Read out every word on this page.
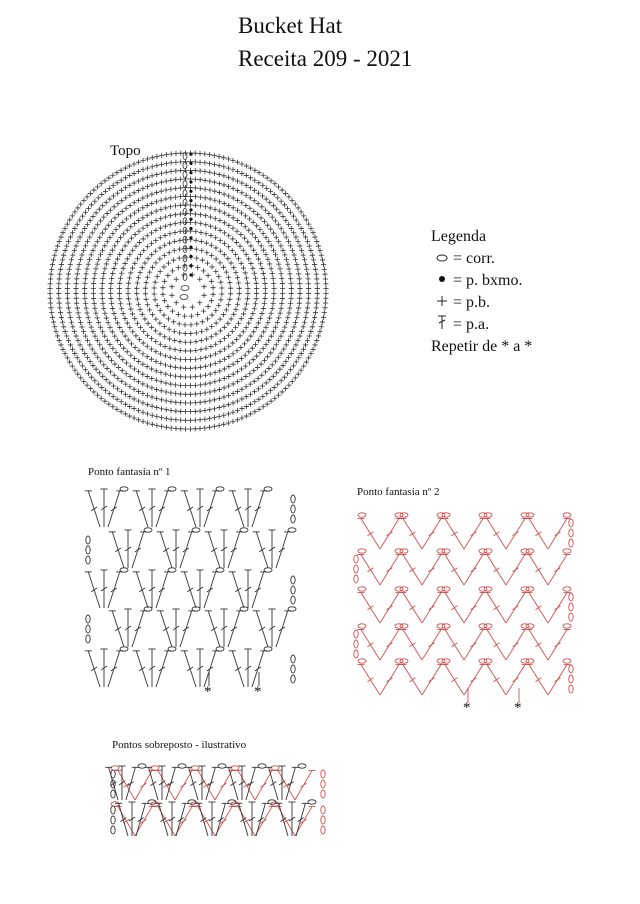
Bucket Hat
Receita 209 - 2021
Topo
Legenda
= corr.
= p. bxmo.
= p.b.
= p.a.
Repetir de * a *
Ponto fantasia nº 1
*	*
Ponto fantasia nº 2
*	*
Pontos sobreposto - ilustrativo
